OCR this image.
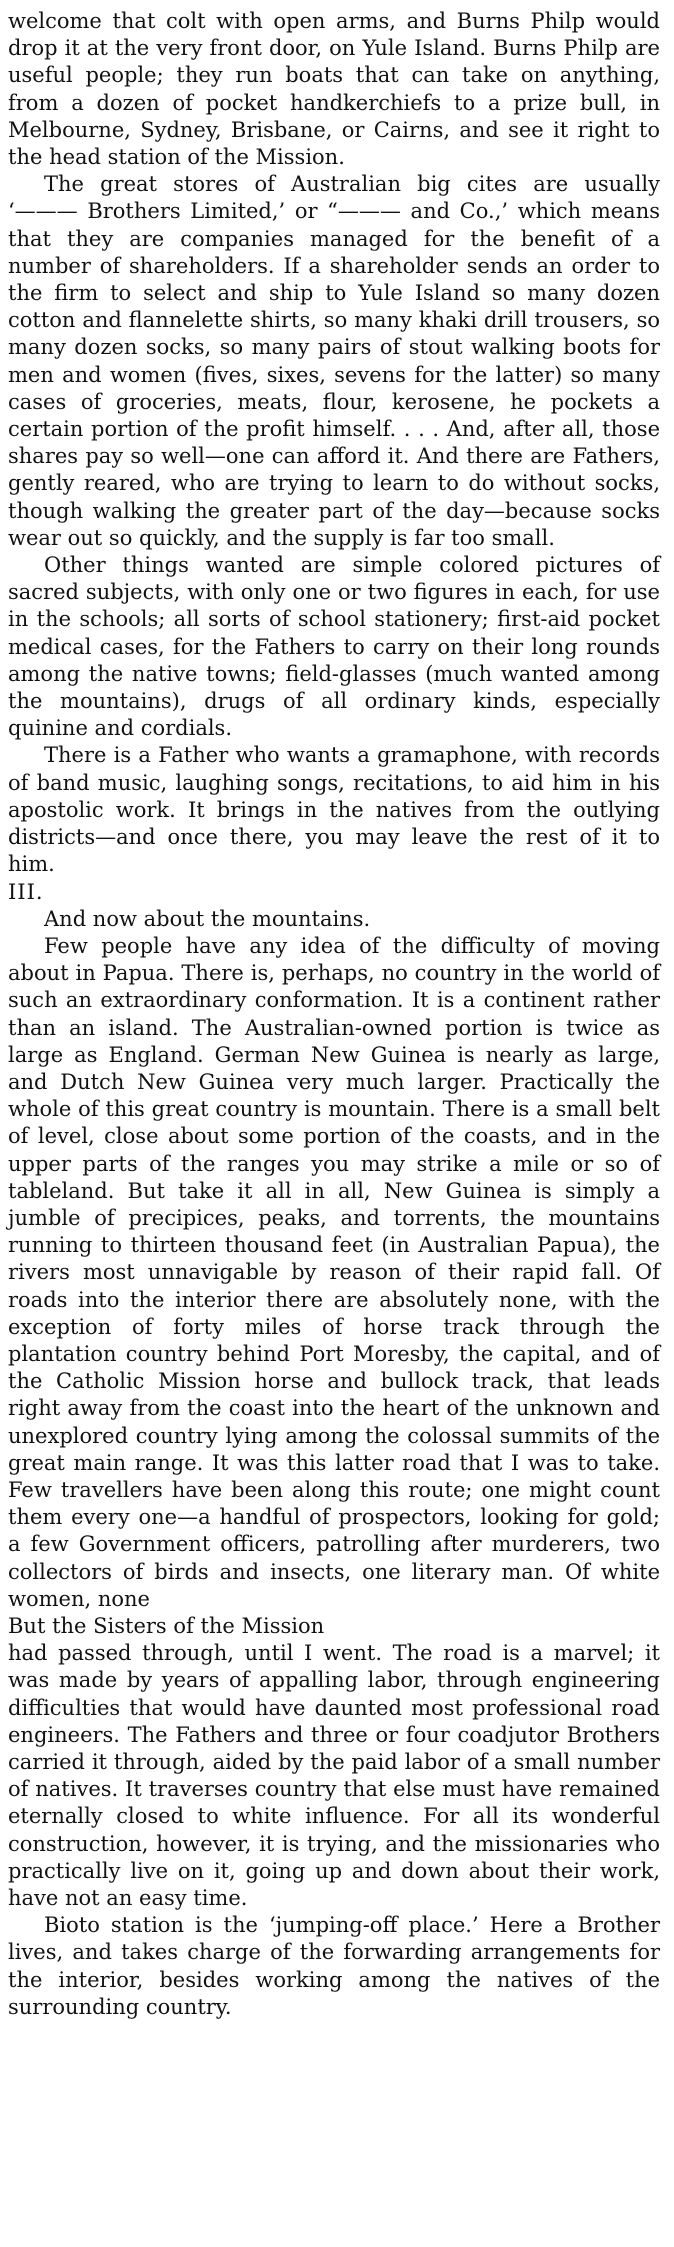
welcome that colt with open arms, and Burns Philp would drop it at the very front door, on Yule Island. Burns Philp are useful people; they run boats that can take on anything, from a dozen of pocket handkerchiefs to a prize bull, in Melbourne, Sydney, Brisbane, or Cairns, and see it right to the head station of the Mission.

The great stores of Australian big cites are usually ‘——— Brothers Limited,’ or “——— and Co.,’ which means that they are companies managed for the benefit of a number of shareholders. If a shareholder sends an order to the firm to select and ship to Yule Island so many dozen cotton and flannelette shirts, so many khaki drill trousers, so many dozen socks, so many pairs of stout walking boots for men and women (fives, sixes, sevens for the latter) so many cases of groceries, meats, flour, kerosene, he pockets a certain portion of the profit himself. . . . And, after all, those shares pay so well—one can afford it. And there are Fathers, gently reared, who are trying to learn to do without socks, though walking the greater part of the day—because socks wear out so quickly, and the supply is far too small.

Other things wanted are simple colored pictures of sacred subjects, with only one or two figures in each, for use in the schools; all sorts of school stationery; first-aid pocket medical cases, for the Fathers to carry on their long rounds among the native towns; field-glasses (much wanted among the mountains), drugs of all ordinary kinds, especially quinine and cordials.

There is a Father who wants a gramaphone, with records of band music, laughing songs, recitations, to aid him in his apostolic work. It brings in the natives from the outlying districts—and once there, you may leave the rest of it to him.

III.

And now about the mountains.

Few people have any idea of the difficulty of moving about in Papua. There is, perhaps, no country in the world of such an extraordinary conformation. It is a continent rather than an island. The Australian-owned portion is twice as large as England. German New Guinea is nearly as large, and Dutch New Guinea very much larger. Practically the whole of this great country is mountain. There is a small belt of level, close about some portion of the coasts, and in the upper parts of the ranges you may strike a mile or so of tableland. But take it all in all, New Guinea is simply a jumble of precipices, peaks, and torrents, the mountains running to thirteen thousand feet (in Australian Papua), the rivers most unnavigable by reason of their rapid fall. Of roads into the interior there are absolutely none, with the exception of forty miles of horse track through the plantation country behind Port Moresby, the capital, and of the Catholic Mission horse and bullock track, that leads right away from the coast into the heart of the unknown and unexplored country lying among the colossal summits of the great main range. It was this latter road that I was to take. Few travellers have been along this route; one might count them every one—a handful of prospectors, looking for gold; a few Government officers, patrolling after murderers, two collectors of birds and insects, one literary man. Of white women, none

But the Sisters of the Mission

had passed through, until I went. The road is a marvel; it was made by years of appalling labor, through engineering difficulties that would have daunted most professional road engineers. The Fathers and three or four coadjutor Brothers carried it through, aided by the paid labor of a small number of natives. It traverses country that else must have remained eternally closed to white influence. For all its wonderful construction, however, it is trying, and the missionaries who practically live on it, going up and down about their work, have not an easy time.

Bioto station is the ‘jumping-off place.’ Here a Brother lives, and takes charge of the forwarding arrangements for the interior, besides working among the natives of the surrounding country.
